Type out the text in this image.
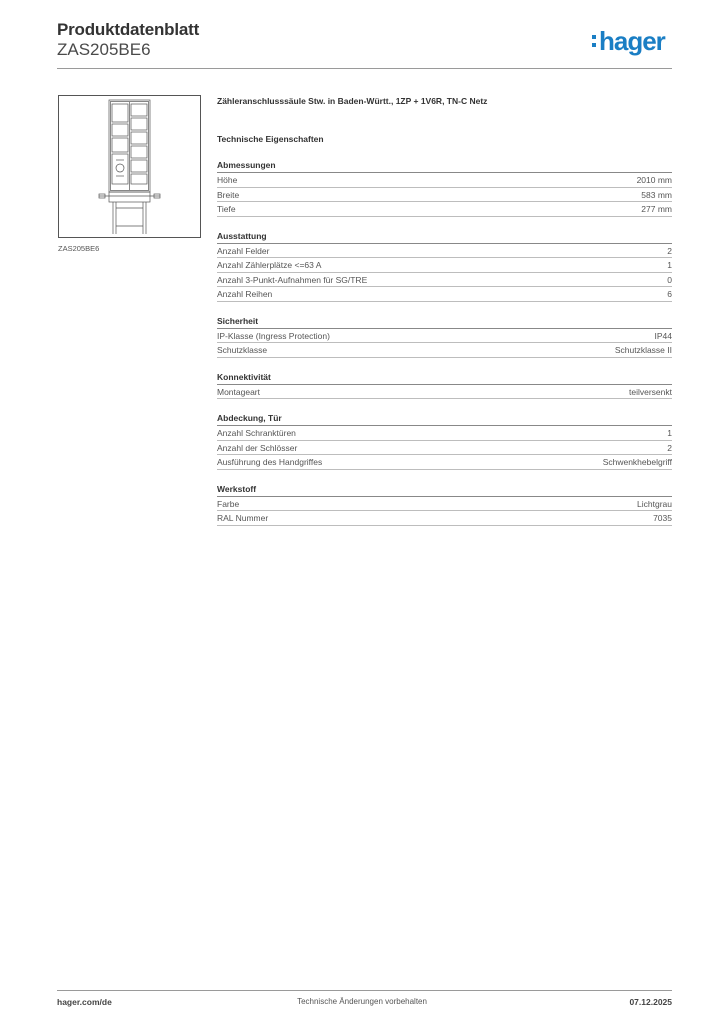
Produktdatenblatt
ZAS205BE6	hager
ZAS205BE6
Zähleranschlusssäule Stw. in Baden-Württ., 1ZP + 1V6R, TN-C Netz
Technische Eigenschaften
Abmessungen
Höhe	2010 mm
Breite	583 mm
Tiefe	277 mm
Ausstattung
Anzahl Felder	2
Anzahl Zählerplätze <=63 A	1
Anzahl 3-Punkt-Aufnahmen für SG/TRE	0
Anzahl Reihen	6
Sicherheit
IP-Klasse (Ingress Protection)	IP44
Schutzklasse	Schutzklasse II
Konnektivität
Montageart	teilversenkt
Abdeckung, Tür
Anzahl Schranktüren	1
Anzahl der Schlösser	2
Ausführung des Handgriffes	Schwenkhebelgriff
Werkstoff
Farbe	Lichtgrau
RAL Nummer	7035
hager.com/de	Technische Änderungen vorbehalten	07.12.2025
